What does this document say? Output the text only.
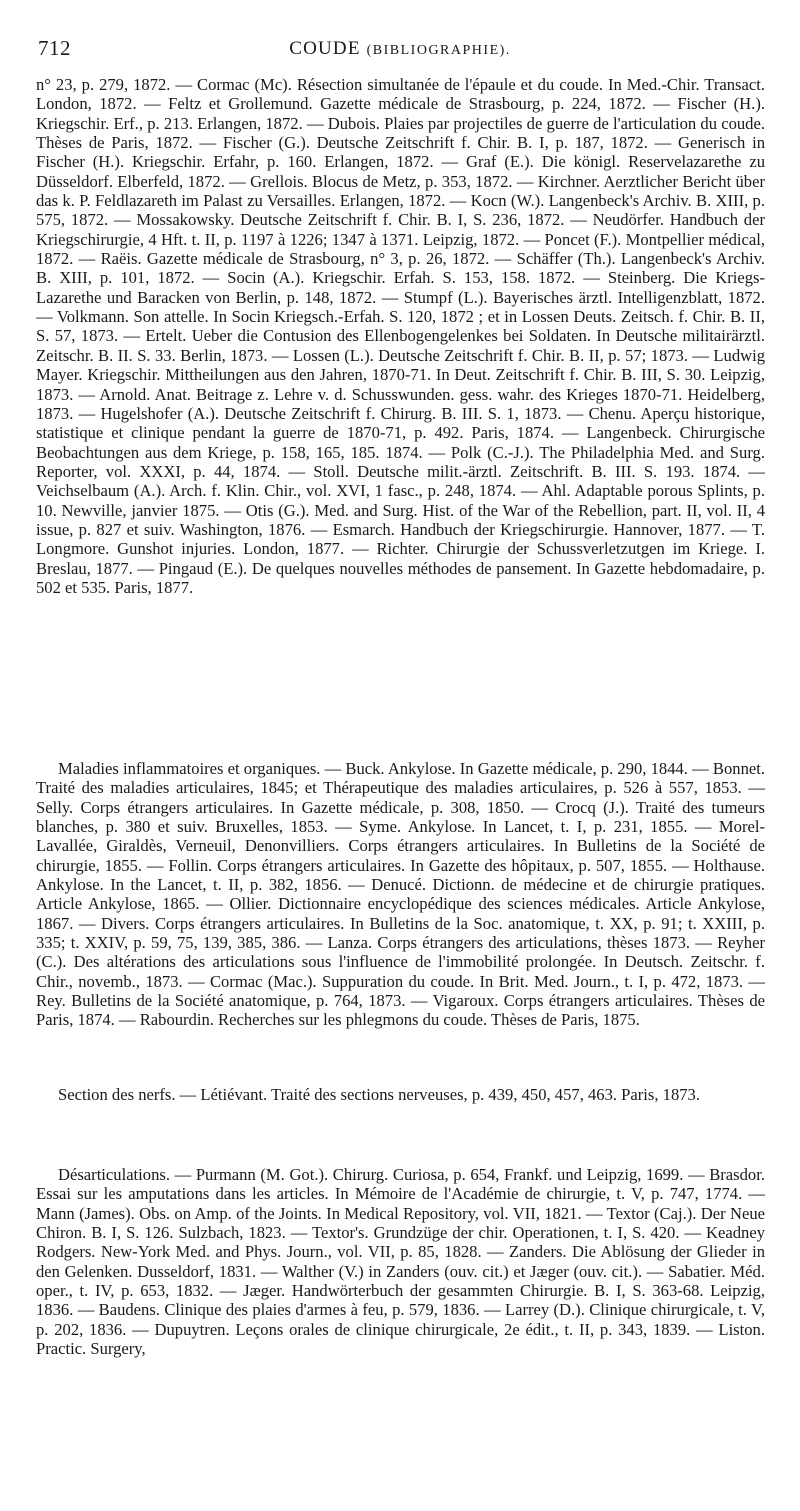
712	COUDE (BIBLIOGRAPHIE).

n° 23, p. 279, 1872. — Cormac (Mc). Résection simultanée de l'épaule et du coude. In Med.-Chir. Transact. London, 1872. — Feltz et Grollemund. Gazette médicale de Strasbourg, p. 224, 1872. — Fischer (H.). Kriegschir. Erf., p. 213. Erlangen, 1872. — Dubois. Plaies par projectiles de guerre de l'articulation du coude. Thèses de Paris, 1872. — Fischer (G.). Deutsche Zeitschrift f. Chir. B. I, p. 187, 1872. — Generisch in Fischer (H.). Kriegschir. Erfahr, p. 160. Erlangen, 1872. — Graf (E.). Die königl. Reservelazarethe zu Düsseldorf. Elberfeld, 1872. — Grellois. Blocus de Metz, p. 353, 1872. — Kirchner. Aerztlicher Bericht über das k. P. Feldlazareth im Palast zu Versailles. Erlangen, 1872. — Kocn (W.). Langenbeck's Archiv. B. XIII, p. 575, 1872. — Mossakowsky. Deutsche Zeitschrift f. Chir. B. I, S. 236, 1872. — Neudörfer. Handbuch der Kriegschirurgie, 4 Hft. t. II, p. 1197 à 1226; 1347 à 1371. Leipzig, 1872. — Poncet (F.). Montpellier médical, 1872. — Raëis. Gazette médicale de Strasbourg, n° 3, p. 26, 1872. — Schäffer (Th.). Langenbeck's Archiv. B. XIII, p. 101, 1872. — Socin (A.). Kriegschir. Erfah. S. 153, 158. 1872. — Steinberg. Die Kriegs-Lazarethe und Baracken von Berlin, p. 148, 1872. — Stumpf (L.). Bayerisches ärztl. Intelligenzblatt, 1872. — Volkmann. Son attelle. In Socin Kriegsch.-Erfah. S. 120, 1872 ; et in Lossen Deuts. Zeitsch. f. Chir. B. II, S. 57, 1873. — Ertelt. Ueber die Contusion des Ellenbogengelenkes bei Soldaten. In Deutsche militairärztl. Zeitschr. B. II. S. 33. Berlin, 1873. — Lossen (L.). Deutsche Zeitschrift f. Chir. B. II, p. 57; 1873. — Ludwig Mayer. Kriegschir. Mittheilungen aus den Jahren, 1870-71. In Deut. Zeitschrift f. Chir. B. III, S. 30. Leipzig, 1873. — Arnold. Anat. Beitrage z. Lehre v. d. Schusswunden. gess. wahr. des Krieges 1870-71. Heidelberg, 1873. — Hugelshofer (A.). Deutsche Zeitschrift f. Chirurg. B. III. S. 1, 1873. — Chenu. Aperçu historique, statistique et clinique pendant la guerre de 1870-71, p. 492. Paris, 1874. — Langenbeck. Chirurgische Beobachtungen aus dem Kriege, p. 158, 165, 185. 1874. — Polk (C.-J.). The Philadelphia Med. and Surg. Reporter, vol. XXXI, p. 44, 1874. — Stoll. Deutsche milit.-ärztl. Zeitschrift. B. III. S. 193. 1874. — Veichselbaum (A.). Arch. f. Klin. Chir., vol. XVI, 1 fasc., p. 248, 1874. — Ahl. Adaptable porous Splints, p. 10. Newville, janvier 1875. — Otis (G.). Med. and Surg. Hist. of the War of the Rebellion, part. II, vol. II, 4 issue, p. 827 et suiv. Washington, 1876. — Esmarch. Handbuch der Kriegschirurgie. Hannover, 1877. — T. Longmore. Gunshot injuries. London, 1877. — Richter. Chirurgie der Schussverletzutgen im Kriege. I. Breslau, 1877. — Pingaud (E.). De quelques nouvelles méthodes de pansement. In Gazette hebdomadaire, p. 502 et 535. Paris, 1877.

Maladies inflammatoires et organiques. — Buck. Ankylose. In Gazette médicale, p. 290, 1844. — Bonnet. Traité des maladies articulaires, 1845; et Thérapeutique des maladies articulaires, p. 526 à 557, 1853. — Selly. Corps étrangers articulaires. In Gazette médicale, p. 308, 1850. — Crocq (J.). Traité des tumeurs blanches, p. 380 et suiv. Bruxelles, 1853. — Syme. Ankylose. In Lancet, t. I, p. 231, 1855. — Morel-Lavallée, Giraldès, Verneuil, Denonvilliers. Corps étrangers articulaires. In Bulletins de la Société de chirurgie, 1855. — Follin. Corps étrangers articulaires. In Gazette des hôpitaux, p. 507, 1855. — Holthause. Ankylose. In the Lancet, t. II, p. 382, 1856. — Denucé. Dictionn. de médecine et de chirurgie pratiques. Article Ankylose, 1865. — Ollier. Dictionnaire encyclopédique des sciences médicales. Article Ankylose, 1867. — Divers. Corps étrangers articulaires. In Bulletins de la Soc. anatomique, t. XX, p. 91; t. XXIII, p. 335; t. XXIV, p. 59, 75, 139, 385, 386. — Lanza. Corps étrangers des articulations, thèses 1873. — Reyher (C.). Des altérations des articulations sous l'influence de l'immobilité prolongée. In Deutsch. Zeitschr. f. Chir., novemb., 1873. — Cormac (Mac.). Suppuration du coude. In Brit. Med. Journ., t. I, p. 472, 1873. — Rey. Bulletins de la Société anatomique, p. 764, 1873. — Vigaroux. Corps étrangers articulaires. Thèses de Paris, 1874. — Rabourdin. Recherches sur les phlegmons du coude. Thèses de Paris, 1875.

Section des nerfs. — Létiévant. Traité des sections nerveuses, p. 439, 450, 457, 463. Paris, 1873.

Désarticulations. — Purmann (M. Got.). Chirurg. Curiosa, p. 654, Frankf. und Leipzig, 1699. — Brasdor. Essai sur les amputations dans les articles. In Mémoire de l'Académie de chirurgie, t. V, p. 747, 1774. — Mann (James). Obs. on Amp. of the Joints. In Medical Repository, vol. VII, 1821. — Textor (Caj.). Der Neue Chiron. B. I, S. 126. Sulzbach, 1823. — Textor's. Grundzüge der chir. Operationen, t. I, S. 420. — Keadney Rodgers. New-York Med. and Phys. Journ., vol. VII, p. 85, 1828. — Zanders. Die Ablösung der Glieder in den Gelenken. Dusseldorf, 1831. — Walther (V.) in Zanders (ouv. cit.) et Jæger (ouv. cit.). — Sabatier. Méd. oper., t. IV, p. 653, 1832. — Jæger. Handwörterbuch der gesammten Chirurgie. B. I, S. 363-68. Leipzig, 1836. — Baudens. Clinique des plaies d'armes à feu, p. 579, 1836. — Larrey (D.). Clinique chirurgicale, t. V, p. 202, 1836. — Dupuytren. Leçons orales de clinique chirurgicale, 2e édit., t. II, p. 343, 1839. — Liston. Practic. Surgery,
